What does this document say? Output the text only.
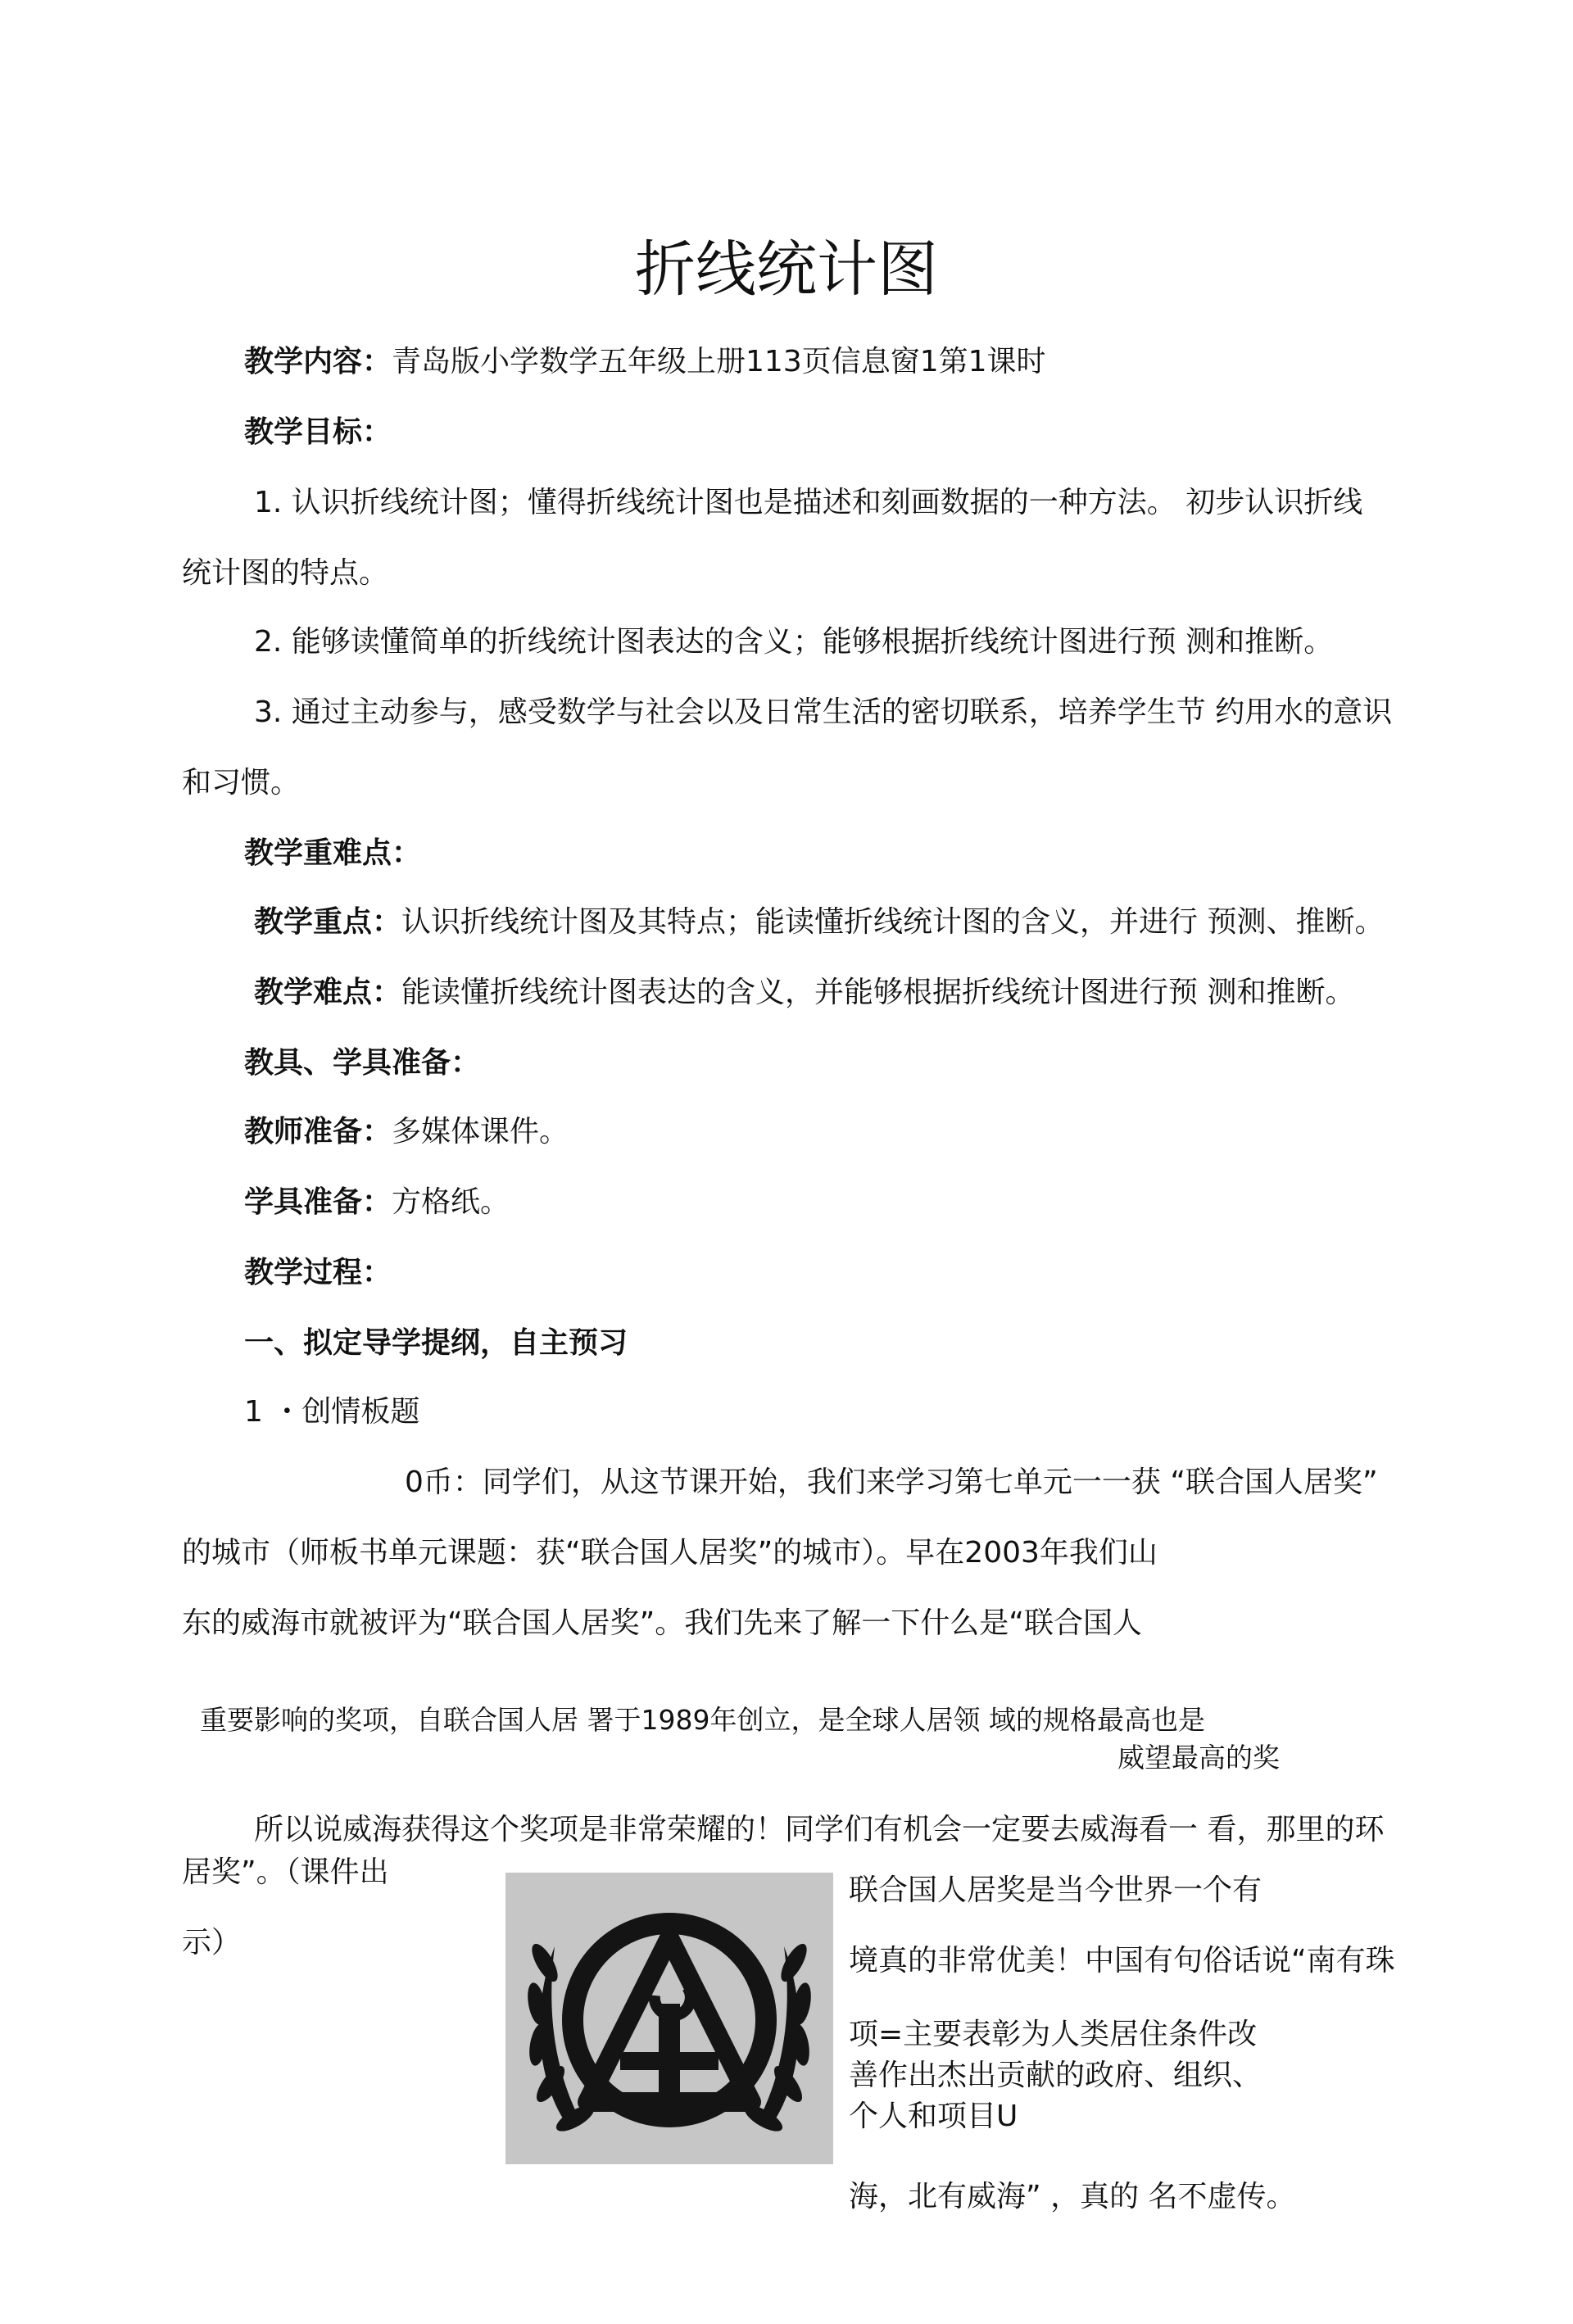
折线统计图
教学内容：青岛版小学数学五年级上册113页信息窗1第1课时
教学目标：
1. 认识折线统计图；懂得折线统计图也是描述和刻画数据的一种方法。 初步认识折线
统计图的特点。
2. 能够读懂简单的折线统计图表达的含义；能够根据折线统计图进行预 测和推断。
3. 通过主动参与，感受数学与社会以及日常生活的密切联系，培养学生节 约用水的意识
和习惯。
教学重难点：
教学重点：认识折线统计图及其特点；能读懂折线统计图的含义，并进行 预测、推断。
教学难点：能读懂折线统计图表达的含义，并能够根据折线统计图进行预 测和推断。
教具、学具准备：
教师准备：多媒体课件。
学具准备：方格纸。
教学过程：
一、拟定导学提纲，自主预习
1 ・创情板题
0币：同学们，从这节课开始，我们来学习第七单元一一获 “联合国人居奖”
的城市（师板书单元课题：获“联合国人居奖”的城市）。早在2003年我们山
东的威海市就被评为“联合国人居奖”。我们先来了解一下什么是“联合国人
重要影响的奖项，自联合国人居 署于1989年创立，是全球人居领 域的规格最高也是
威望最高的奖
所以说威海获得这个奖项是非常荣耀的！同学们有机会一定要去威海看一 看，那里的环
居奖”。（课件出
示）
联合国人居奖是当今世界一个有
境真的非常优美！中国有句俗话说“南有珠
项=主要表彰为人类居住条件改
善作出杰出贡献的政府、组织、
个人和项目U
海，北有威海” ，真的 名不虚传。
